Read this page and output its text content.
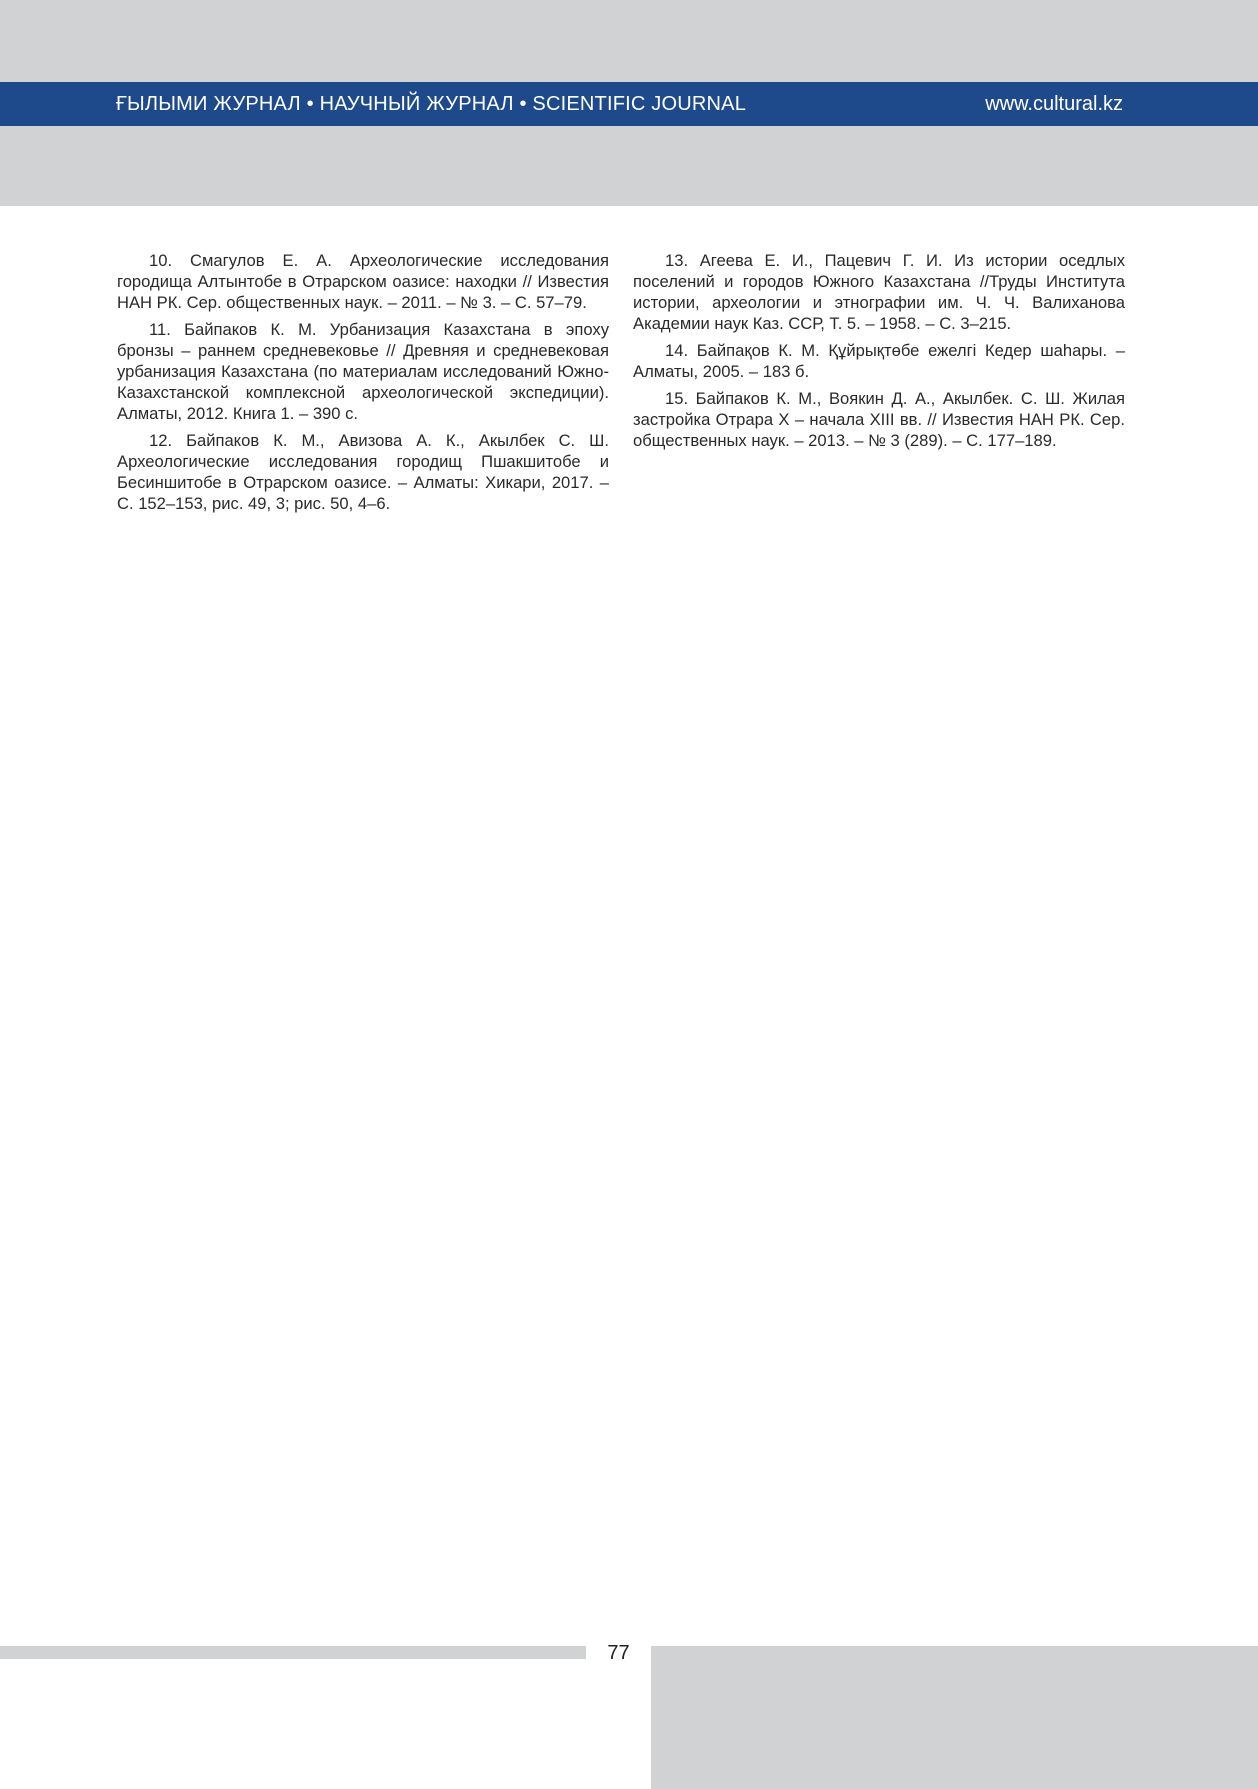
ҒЫЛЫМИ ЖУРНАЛ • НАУЧНЫЙ ЖУРНАЛ • SCIENTIFIC JOURNAL	www.cultural.kz

10. Смагулов Е. А. Археологические исследования городища Алтынтобе в Отрарском оазисе: находки // Известия НАН РК. Сер. общественных наук. – 2011. – № 3. – С. 57–79.

11. Байпаков К. М. Урбанизация Казахстана в эпоху бронзы – раннем средневековье // Древняя и средневековая урбанизация Казахстана (по материалам исследований Южно-Казахстанской комплексной археологической экспедиции). Алматы, 2012. Книга 1. – 390 с.

12. Байпаков К. М., Авизова А. К., Акылбек С. Ш. Археологические исследования городищ Пшакшитобе и Бесиншитобе в Отрарском оазисе. – Алматы: Хикари, 2017. – С. 152–153, рис. 49, 3; рис. 50, 4–6.

13. Агеева Е. И., Пацевич Г. И. Из истории оседлых поселений и городов Южного Казахстана //Труды Института истории, археологии и этнографии им. Ч. Ч. Валиханова Академии наук Каз. ССР, Т. 5. – 1958. – С. 3–215.

14. Байпақов К. М. Құйрықтөбе ежелгі Кедер шаһары. – Алматы, 2005. – 183 б.

15. Байпаков К. М., Воякин Д. А., Акылбек. С. Ш. Жилая застройка Отрара X – начала XIII вв. // Известия НАН РК. Сер. общественных наук. – 2013. – № 3 (289). – С. 177–189.

77
